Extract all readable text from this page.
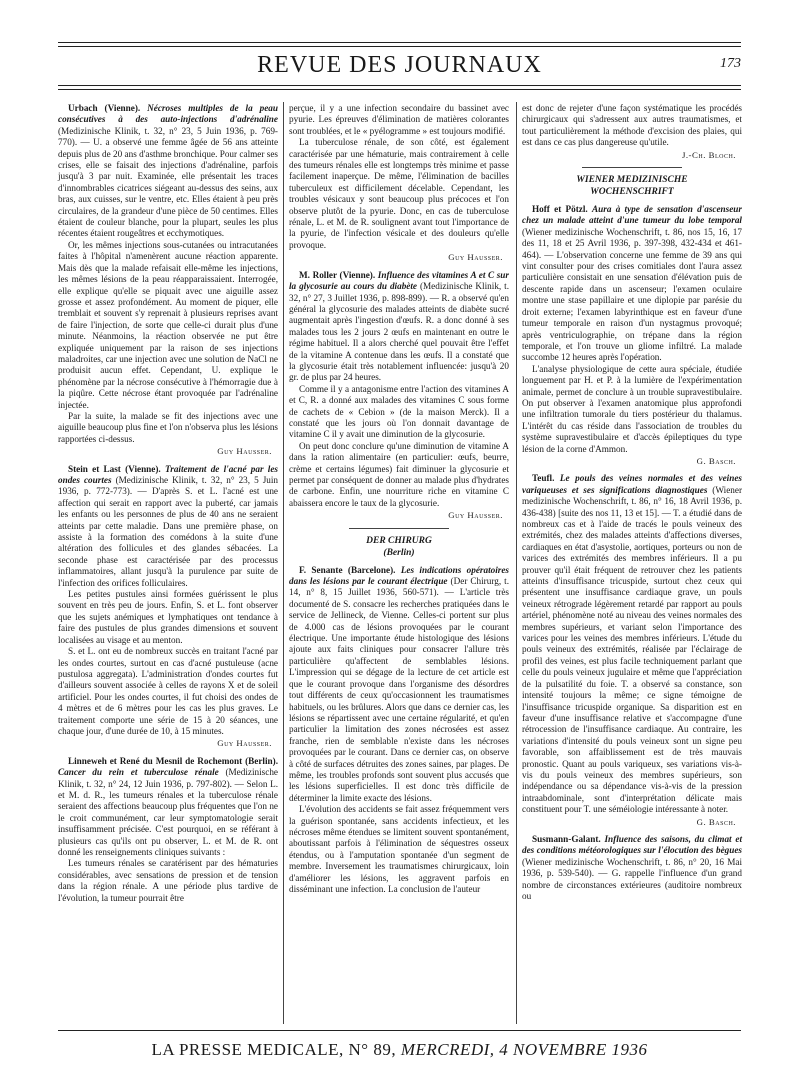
REVUE DES JOURNAUX	173

Urbach (Vienne). Nécroses multiples de la peau consécutives à des auto-injections d'adrénaline (Medizinische Klinik, t. 32, n° 23, 5 Juin 1936, p. 769-770). — U. a observé une femme âgée de 56 ans atteinte depuis plus de 20 ans d'asthme bronchique. Pour calmer ses crises, elle se faisait des injections d'adrénaline, parfois jusqu'à 3 par nuit. Examinée, elle présentait les traces d'innombrables cicatrices siégeant au-dessus des seins, aux bras, aux cuisses, sur le ventre, etc. Elles étaient à peu près circulaires, de la grandeur d'une pièce de 50 centimes. Elles étaient de couleur blanche, pour la plupart, seules les plus récentes étaient rougeâtres et ecchymotiques.

Or, les mêmes injections sous-cutanées ou intracutanées faites à l'hôpital n'amenèrent aucune réaction apparente. Mais dès que la malade refaisait elle-même les injections, les mêmes lésions de la peau réapparaissaient. Interrogée, elle explique qu'elle se piquait avec une aiguille assez grosse et assez profondément. Au moment de piquer, elle tremblait et souvent s'y reprenait à plusieurs reprises avant de faire l'injection, de sorte que celle-ci durait plus d'une minute. Néanmoins, la réaction observée ne put être expliquée uniquement par la raison de ses injections maladroites, car une injection avec une solution de NaCl ne produisit aucun effet. Cependant, U. explique le phénomène par la nécrose consécutive à l'hémorragie due à la piqûre. Cette nécrose étant provoquée par l'adrénaline injectée.

Par la suite, la malade se fit des injections avec une aiguille beaucoup plus fine et l'on n'observa plus les lésions rapportées ci-dessus.

Guy Hausser.

Stein et Last (Vienne). Traitement de l'acné par les ondes courtes (Medizinische Klinik, t. 32, n° 23, 5 Juin 1936, p. 772-773). — D'après S. et L. l'acné est une affection qui serait en rapport avec la puberté, car jamais les enfants ou les personnes de plus de 40 ans ne seraient atteints par cette maladie. Dans une première phase, on assiste à la formation des comédons à la suite d'une altération des follicules et des glandes sébacées. La seconde phase est caractérisée par des processus inflammatoires, allant jusqu'à la purulence par suite de l'infection des orifices folliculaires.

Les petites pustules ainsi formées guérissent le plus souvent en très peu de jours. Enfin, S. et L. font observer que les sujets anémiques et lymphatiques ont tendance à faire des pustules de plus grandes dimensions et souvent localisées au visage et au menton.

S. et L. ont eu de nombreux succès en traitant l'acné par les ondes courtes, surtout en cas d'acné pustuleuse (acne pustulosa aggregata). L'administration d'ondes courtes fut d'ailleurs souvent associée à celles de rayons X et de soleil artificiel. Pour les ondes courtes, il fut choisi des ondes de 4 mètres et de 6 mètres pour les cas les plus graves. Le traitement comporte une série de 15 à 20 séances, une chaque jour, d'une durée de 10, à 15 minutes.

Guy Hausser.

Linneweh et René du Mesnil de Rochemont (Berlin). Cancer du rein et tuberculose rénale (Medizinische Klinik, t. 32, n° 24, 12 Juin 1936, p. 797-802). — Selon L. et M. d. R., les tumeurs rénales et la tuberculose rénale seraient des affections beaucoup plus fréquentes que l'on ne le croit communément, car leur symptomatologie serait insuffisamment précisée. C'est pourquoi, en se référant à plusieurs cas qu'ils ont pu observer, L. et M. de R. ont donné les renseignements cliniques suivants :

Les tumeurs rénales se caratérisent par des hématuries considérables, avec sensations de pression et de tension dans la région rénale. A une période plus tardive de l'évolution, la tumeur pourrait être

perçue, il y a une infection secondaire du bassinet avec pyurie. Les épreuves d'élimination de matières colorantes sont troublées, et le « pyélogramme » est toujours modifié.

La tuberculose rénale, de son côté, est également caractérisée par une hématurie, mais contrairement à celle des tumeurs rénales elle est longtemps très minime et passe facilement inaperçue. De même, l'élimination de bacilles tuberculeux est difficilement décelable. Cependant, les troubles vésicaux y sont beaucoup plus précoces et l'on observe plutôt de la pyurie. Donc, en cas de tuberculose rénale, L. et M. de R. soulignent avant tout l'importance de la pyurie, de l'infection vésicale et des douleurs qu'elle provoque.

Guy Hausser.

M. Roller (Vienne). Influence des vitamines A et C sur la glycosurie au cours du diabète (Medizinische Klinik, t. 32, n° 27, 3 Juillet 1936, p. 898-899). — R. a observé qu'en général la glycosurie des malades atteints de diabète sucré augmentait après l'ingestion d'œufs. R. a donc donné à ses malades tous les 2 jours 2 œufs en maintenant en outre le régime habituel. Il a alors cherché quel pouvait être l'effet de la vitamine A contenue dans les œufs. Il a constaté que la glycosurie était très notablement influencée: jusqu'à 20 gr. de plus par 24 heures.

Comme il y a antagonisme entre l'action des vitamines A et C, R. a donné aux malades des vitamines C sous forme de cachets de « Cebion » (de la maison Merck). Il a constaté que les jours où l'on donnait davantage de vitamine C il y avait une diminution de la glycosurie.

On peut donc conclure qu'une diminution de vitamine A dans la ration alimentaire (en particulier: œufs, beurre, crème et certains légumes) fait diminuer la glycosurie et permet par conséquent de donner au malade plus d'hydrates de carbone. Enfin, une nourriture riche en vitamine C abaissera encore le taux de la glycosurie.

Guy Hausser.
DER CHIRURG
(Berlin)

F. Senante (Barcelone). Les indications opératoires dans les lésions par le courant électrique (Der Chirurg, t. 14, n° 8, 15 Juillet 1936, 560-571). — L'article très documenté de S. consacre les recherches pratiquées dans le service de Jellineck, de Vienne. Celles-ci portent sur plus de 4.000 cas de lésions provoquées par le courant électrique. Une importante étude histologique des lésions ajoute aux faits cliniques pour consacrer l'allure très particulière qu'affectent de semblables lésions. L'impression qui se dégage de la lecture de cet article est que le courant provoque dans l'organisme des désordres tout différents de ceux qu'occasionnent les traumatismes habituels, ou les brûlures. Alors que dans ce dernier cas, les lésions se répartissent avec une certaine régularité, et qu'en particulier la limitation des zones nécrosées est assez franche, rien de semblable n'existe dans les nécroses provoquées par le courant. Dans ce dernier cas, on observe à côté de surfaces détruites des zones saines, par plages. De même, les troubles profonds sont souvent plus accusés que les lésions superficielles. Il est donc très difficile de déterminer la limite exacte des lésions.

L'évolution des accidents se fait assez fréquemment vers la guérison spontanée, sans accidents infectieux, et les nécroses même étendues se limitent souvent spontanément, aboutissant parfois à l'élimination de séquestres osseux étendus, ou à l'amputation spontanée d'un segment de membre. Inversement les traumatismes chirurgicaux, loin d'améliorer les lésions, les aggravent parfois en disséminant une infection. La conclusion de l'auteur

est donc de rejeter d'une façon systématique les procédés chirurgicaux qui s'adressent aux autres traumatismes, et tout particulièrement la méthode d'excision des plaies, qui est dans ce cas plus dangereuse qu'utile.

J.-Ch. Bloch.
WIENER MEDIZINISCHE
WOCHENSCHRIFT

Hoff et Pötzl. Aura à type de sensation d'ascenseur chez un malade atteint d'une tumeur du lobe temporal (Wiener medizinische Wochenschrift, t. 86, nos 15, 16, 17 des 11, 18 et 25 Avril 1936, p. 397-398, 432-434 et 461-464). — L'observation concerne une femme de 39 ans qui vint consulter pour des crises comitiales dont l'aura assez particulière consistait en une sensation d'élévation puis de descente rapide dans un ascenseur; l'examen oculaire montre une stase papillaire et une diplopie par parésie du droit externe; l'examen labyrinthique est en faveur d'une tumeur temporale en raison d'un nystagmus provoqué; après ventriculographie, on trépane dans la région temporale, et l'on trouve un gliome infiltré. La malade succombe 12 heures après l'opération.

L'analyse physiologique de cette aura spéciale, étudiée longuement par H. et P. à la lumière de l'expérimentation animale, permet de conclure à un trouble supravestibulaire. On put observer à l'examen anatomique plus approfondi une infiltration tumorale du tiers postérieur du thalamus. L'intérêt du cas réside dans l'association de troubles du système supravestibulaire et d'accès épileptiques du type lésion de la corne d'Ammon.

G. Basch.

Teufl. Le pouls des veines normales et des veines variqueuses et ses significations diagnostiques (Wiener medizinische Wochenschrift, t. 86, n° 16, 18 Avril 1936, p. 436-438) [suite des nos 11, 13 et 15]. — T. a étudié dans de nombreux cas et à l'aide de tracés le pouls veineux des extrémités, chez des malades atteints d'affections diverses, cardiaques en état d'asystolie, aortiques, porteurs ou non de varices des extrémités des membres inférieurs. Il a pu prouver qu'il était fréquent de retrouver chez les patients atteints d'insuffisance tricuspide, surtout chez ceux qui présentent une insuffisance cardiaque grave, un pouls veineux rétrograde légèrement retardé par rapport au pouls artériel, phénomène noté au niveau des veines normales des membres supérieurs, et variant selon l'importance des varices pour les veines des membres inférieurs. L'étude du pouls veineux des extrémités, réalisée par l'éclairage de profil des veines, est plus facile techniquement parlant que celle du pouls veineux jugulaire et même que l'appréciation de la pulsatilité du foie. T. a observé sa constance, son intensité toujours la même; ce signe témoigne de l'insuffisance tricuspide organique. Sa disparition est en faveur d'une insuffisance relative et s'accompagne d'une rétrocession de l'insuffisance cardiaque. Au contraire, les variations d'intensité du pouls veineux sont un signe peu favorable, son affaiblissement est de très mauvais pronostic. Quant au pouls variqueux, ses variations vis-à-vis du pouls veineux des membres supérieurs, son indépendance ou sa dépendance vis-à-vis de la pression intraabdominale, sont d'interprétation délicate mais constituent pour T. une séméiologie intéressante à noter.

G. Basch.

Susmann-Galant. Influence des saisons, du climat et des conditions météorologiques sur l'élocution des bègues (Wiener medizinische Wochenschrift, t. 86, n° 20, 16 Mai 1936, p. 539-540). — G. rappelle l'influence d'un grand nombre de circonstances extérieures (auditoire nombreux ou

LA PRESSE MEDICALE, N° 89, MERCREDI, 4 NOVEMBRE 1936
